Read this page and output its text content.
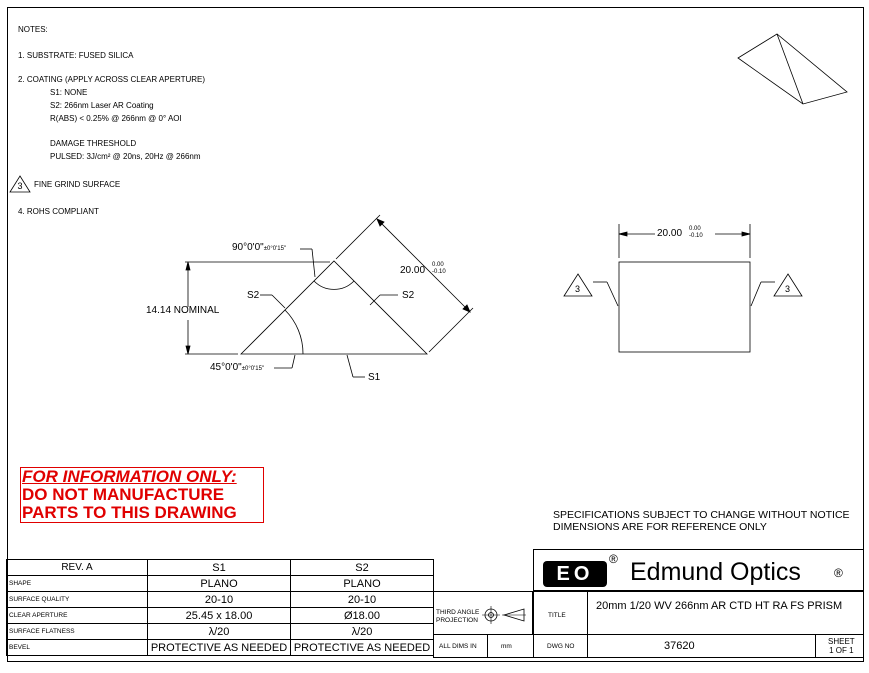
NOTES:
1. SUBSTRATE: FUSED SILICA
2. COATING (APPLY ACROSS CLEAR APERTURE)
S1: NONE
S2: 266nm Laser AR Coating
R(ABS) < 0.25% @ 266nm @ 0° AOI
DAMAGE THRESHOLD
PULSED: 3J/cm² @ 20ns, 20Hz @ 266nm
3 FINE GRIND SURFACE
4. ROHS COMPLIANT
90°0'0"±0°0'15"
20.00 0.00
-0.10
S2	S2
14.14 NOMINAL
45°0'0"±0°0'15"
S1
20.00 0.00
-0.10
3	3
FOR INFORMATION ONLY:
DO NOT MANUFACTURE
PARTS TO THIS DRAWING	SPECIFICATIONS SUBJECT TO CHANGE WITHOUT NOTICE
DIMENSIONS ARE FOR REFERENCE ONLY
REV. A	S1	S2
SHAPE	PLANO	PLANO
SURFACE QUALITY	20-10	20-10
CLEAR APERTURE	25.45 x 18.00	Ø18.00
SURFACE FLATNESS	λ/20	λ/20
BEVEL	PROTECTIVE AS NEEDED	PROTECTIVE AS NEEDED
THIRD ANGLE PROJECTION
EO
® Edmund Optics	®
TITLE
20mm 1/20 WV 266nm AR CTD HT RA FS PRISM
ALL DIMS IN	mm	DWG NO	37620	SHEET
1 OF 1
